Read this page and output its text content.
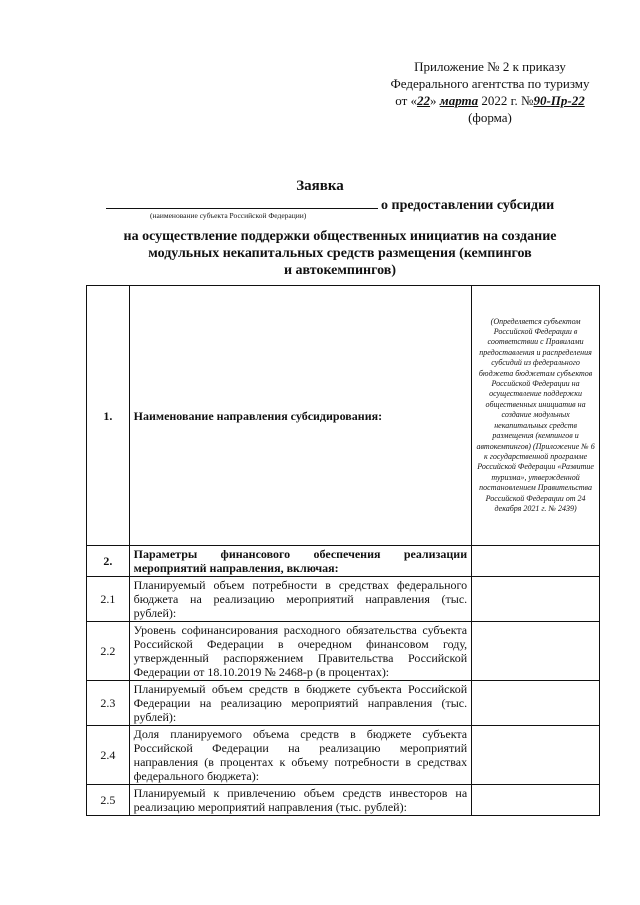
Приложение № 2 к приказу
Федерального агентства по туризму
от «22» марта 2022 г. №90-Пр-22
(форма)
Заявка
о предоставлении субсидии
(наименование субъекта Российской Федерации)
на осуществление поддержки общественных инициатив на создание
модульных некапитальных средств размещения (кемпингов
и автокемпингов)
1.	Наименование направления субсидирования:	(Определяется субъектом Российской Федерации в соответствии с Правилами предоставления и распределения субсидий из федерального бюджета бюджетам субъектов Российской Федерации на осуществление поддержки общественных инициатив на создание модульных некапитальных средств размещения (кемпингов и автокемпингов) (Приложение № 6 к государственной программе Российской Федерации «Развитие туризма», утвержденной постановлением Правительства Российской Федерации от 24 декабря 2021 г. № 2439)

2.	Параметры финансового обеспечения реализации мероприятий направления, включая:	
2.1	Планируемый объем потребности в средствах федерального бюджета на реализацию мероприятий направления (тыс. рублей):	
2.2	Уровень софинансирования расходного обязательства субъекта Российской Федерации в очередном финансовом году, утвержденный распоряжением Правительства Российской Федерации от 18.10.2019 № 2468-р (в процентах):	
2.3	Планируемый объем средств в бюджете субъекта Российской Федерации на реализацию мероприятий направления (тыс. рублей):	
2.4	Доля планируемого объема средств в бюджете субъекта Российской Федерации на реализацию мероприятий направления (в процентах к объему потребности в средствах федерального бюджета):	
2.5	Планируемый к привлечению объем средств инвесторов на реализацию мероприятий направления (тыс. рублей):	
